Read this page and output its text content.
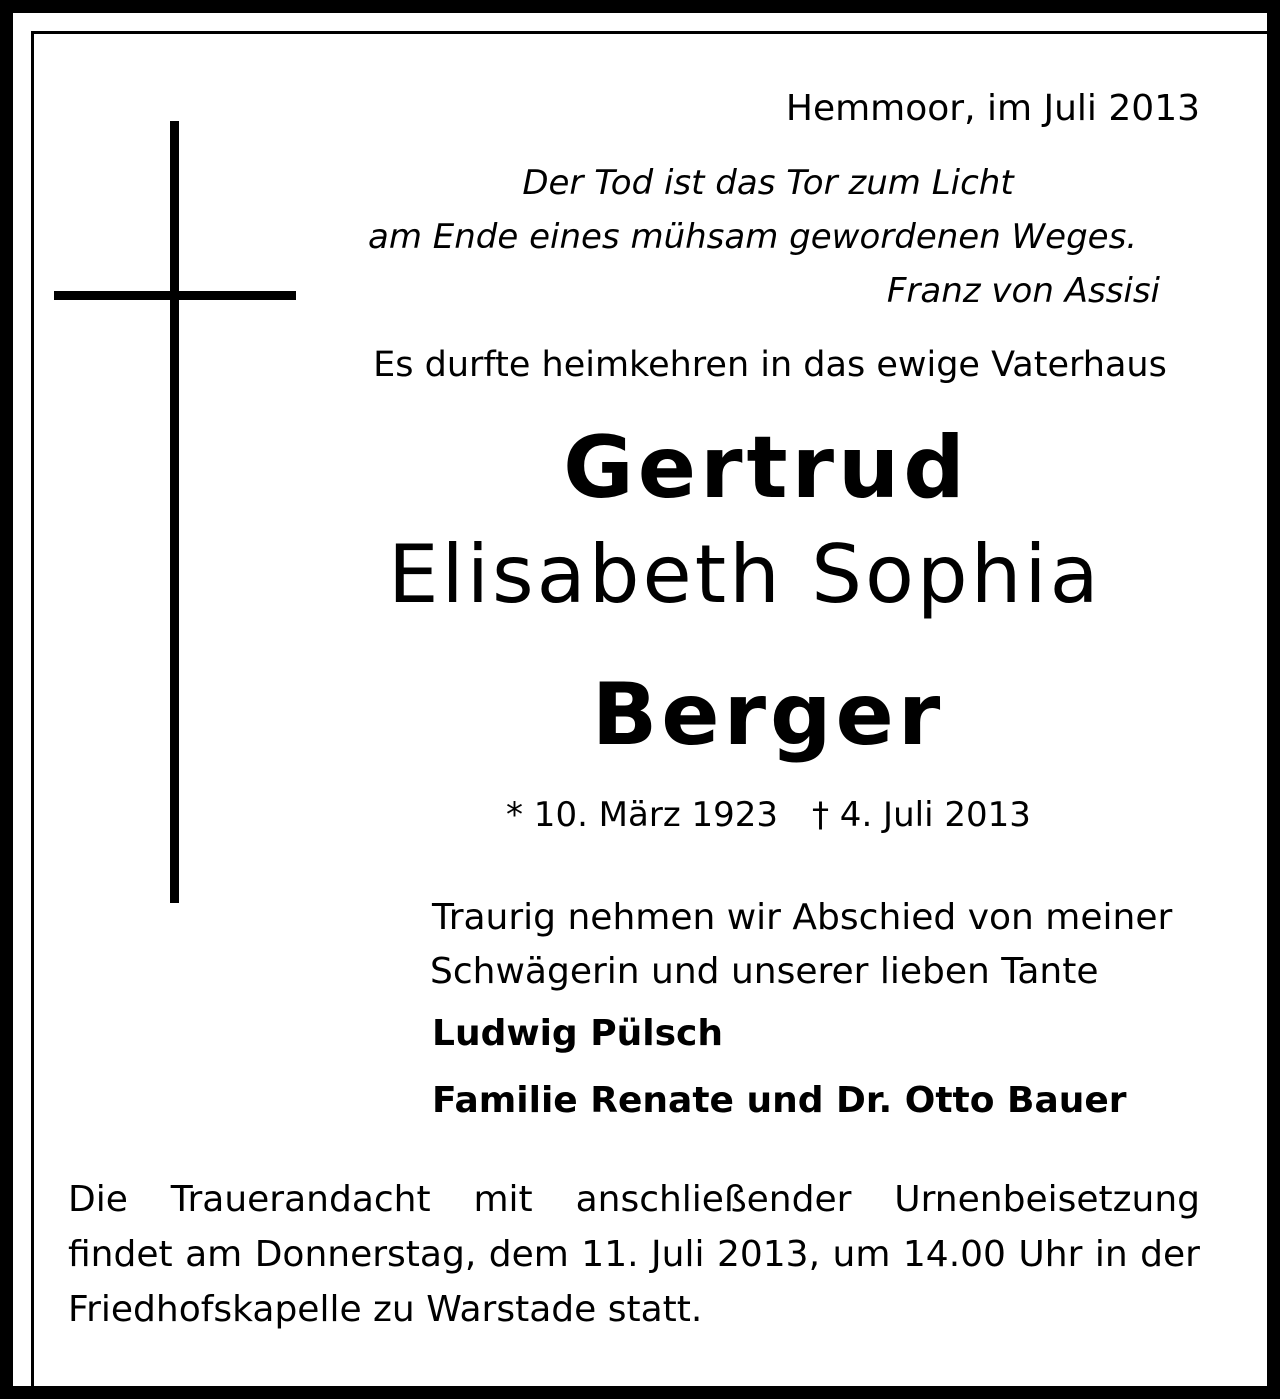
Hemmoor, im Juli 2013

Der Tod ist das Tor zum Licht

am Ende eines mühsam gewordenen Weges.

Franz von Assisi

Es durfte heimkehren in das ewige Vaterhaus

Gertrud

Elisabeth Sophia

Berger

* 10. März 1923 † 4. Juli 2013

Traurig nehmen wir Abschied von meiner

Schwägerin und unserer lieben Tante

Ludwig Pülsch

Familie Renate und Dr. Otto Bauer

Die Trauerandacht mit anschließender Urnenbeisetzung
findet am Donnerstag, dem 11. Juli 2013, um 14.00 Uhr in der
Friedhofskapelle zu Warstade statt.
